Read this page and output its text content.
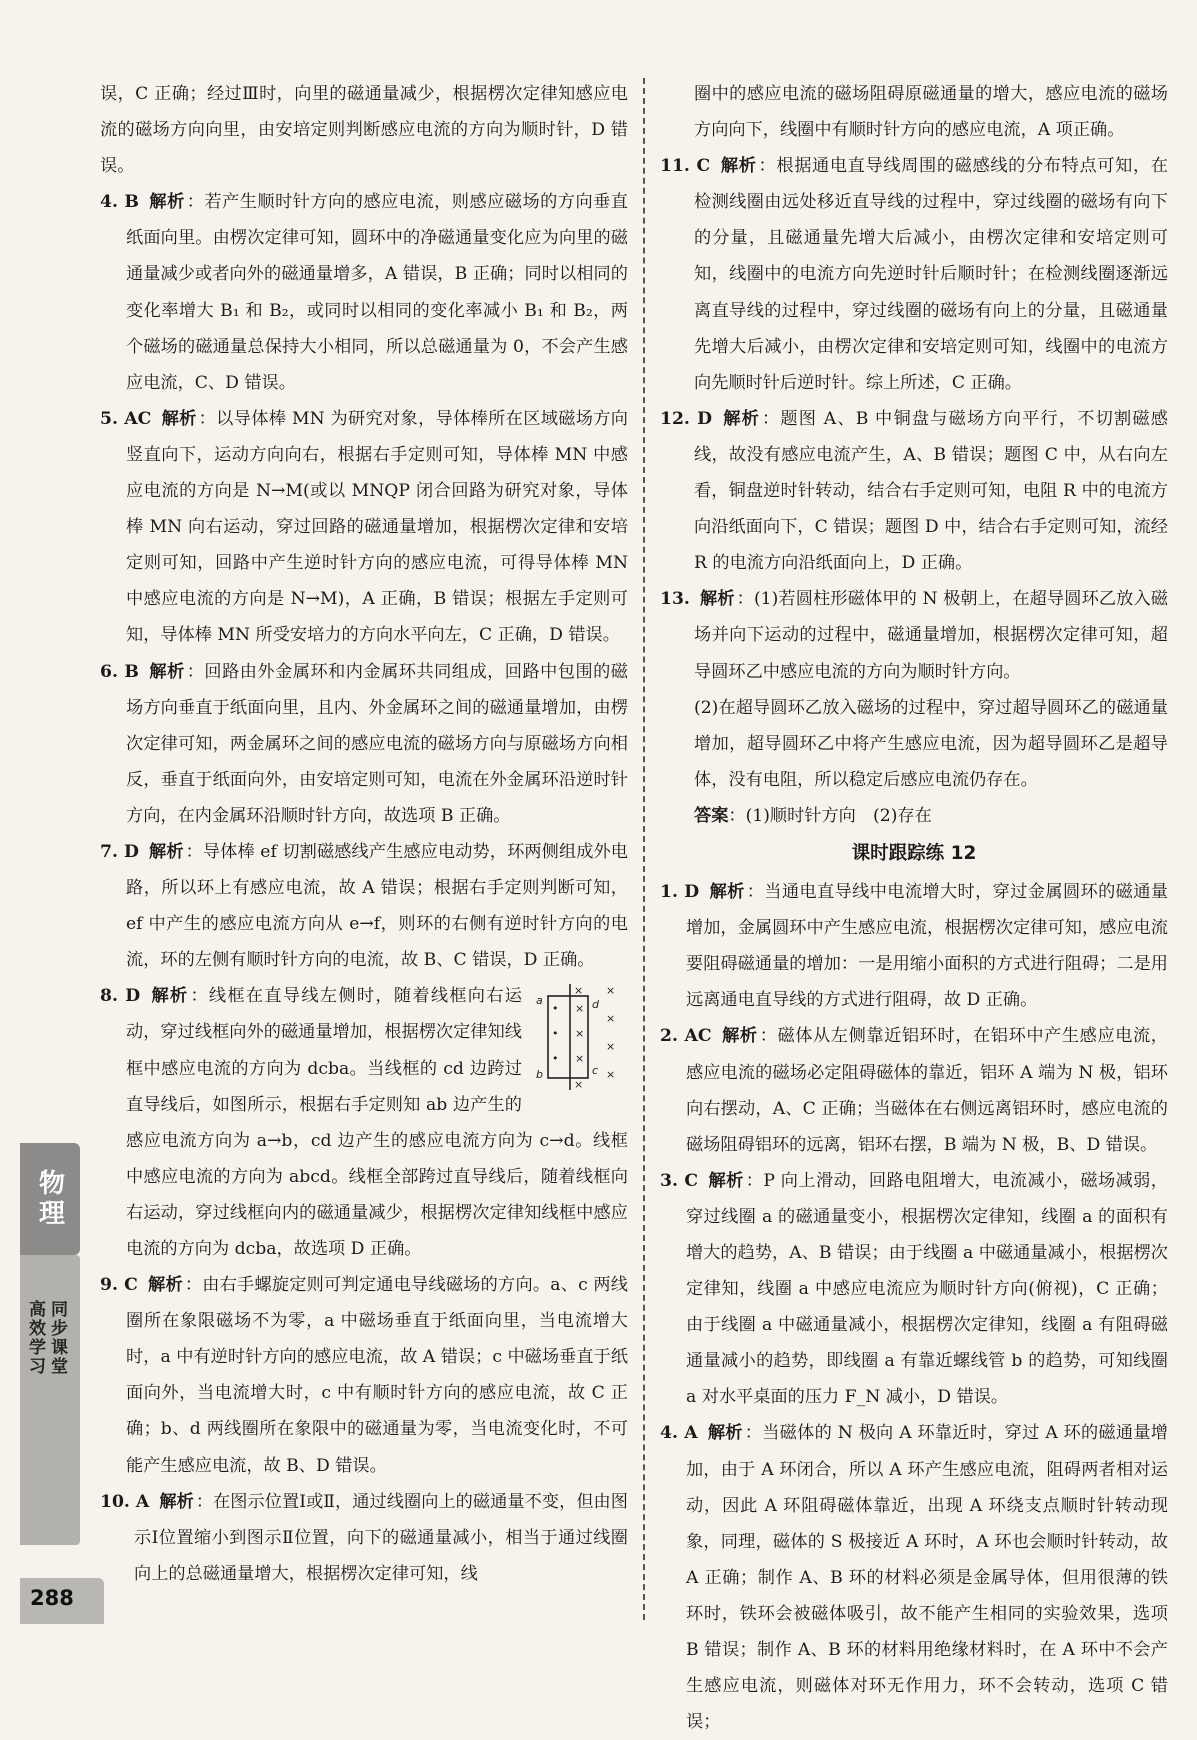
误，C 正确；经过Ⅲ时，向里的磁通量减少，根据楞次定律知感应电流的磁场方向向里，由安培定则判断感应电流的方向为顺时针，D 错误。

4. B 解析 ：若产生顺时针方向的感应电流，则感应磁场的方向垂直纸面向里。由楞次定律可知，圆环中的净磁通量变化应为向里的磁通量减少或者向外的磁通量增多，A 错误，B 正确；同时以相同的变化率增大 B₁ 和 B₂，或同时以相同的变化率减小 B₁ 和 B₂，两个磁场的磁通量总保持大小相同，所以总磁通量为 0，不会产生感应电流，C、D 错误。

5. AC 解析 ：以导体棒 MN 为研究对象，导体棒所在区域磁场方向竖直向下，运动方向向右，根据右手定则可知，导体棒 MN 中感应电流的方向是 N→M(或以 MNQP 闭合回路为研究对象，导体棒 MN 向右运动，穿过回路的磁通量增加，根据楞次定律和安培定则可知，回路中产生逆时针方向的感应电流，可得导体棒 MN 中感应电流的方向是 N→M)，A 正确，B 错误；根据左手定则可知，导体棒 MN 所受安培力的方向水平向左，C 正确，D 错误。

6. B 解析 ：回路由外金属环和内金属环共同组成，回路中包围的磁场方向垂直于纸面向里，且内、外金属环之间的磁通量增加，由楞次定律可知，两金属环之间的感应电流的磁场方向与原磁场方向相反，垂直于纸面向外，由安培定则可知，电流在外金属环沿逆时针方向，在内金属环沿顺时针方向，故选项 B 正确。

7. D 解析 ：导体棒 ef 切割磁感线产生感应电动势，环两侧组成外电路，所以环上有感应电流，故 A 错误；根据右手定则判断可知，ef 中产生的感应电流方向从 e→f，则环的右侧有逆时针方向的电流，环的左侧有顺时针方向的电流，故 B、C 错误，D 正确。

a
b	c
d
•
•
•
×
×
×
×
×
×
×
×
×
8. D 解析 ：线框在直导线左侧时，随着线框向右运动，穿过线框向外的磁通量增加，根据楞次定律知线框中感应电流的方向为 dcba。当线框的 cd 边跨过直导线后，如图所示，根据右手定则知 ab 边产生的感应电流方向为 a→b，cd 边产生的感应电流方向为 c→d。线框中感应电流的方向为 abcd。线框全部跨过直导线后，随着线框向右运动，穿过线框向内的磁通量减少，根据楞次定律知线框中感应电流的方向为 dcba，故选项 D 正确。

9. C 解析 ：由右手螺旋定则可判定通电导线磁场的方向。a、c 两线圈所在象限磁场不为零，a 中磁场垂直于纸面向里，当电流增大时，a 中有逆时针方向的感应电流，故 A 错误；c 中磁场垂直于纸面向外，当电流增大时，c 中有顺时针方向的感应电流，故 C 正确；b、d 两线圈所在象限中的磁通量为零，当电流变化时，不可能产生感应电流，故 B、D 错误。

10. A 解析 ：在图示位置Ⅰ或Ⅱ，通过线圈向上的磁通量不变，但由图示Ⅰ位置缩小到图示Ⅱ位置，向下的磁通量减小，相当于通过线圈向上的总磁通量增大，根据楞次定律可知，线

圈中的感应电流的磁场阻碍原磁通量的增大，感应电流的磁场方向向下，线圈中有顺时针方向的感应电流，A 项正确。

11. C 解析 ：根据通电直导线周围的磁感线的分布特点可知，在检测线圈由远处移近直导线的过程中，穿过线圈的磁场有向下的分量，且磁通量先增大后减小，由楞次定律和安培定则可知，线圈中的电流方向先逆时针后顺时针；在检测线圈逐渐远离直导线的过程中，穿过线圈的磁场有向上的分量，且磁通量先增大后减小，由楞次定律和安培定则可知，线圈中的电流方向先顺时针后逆时针。综上所述，C 正确。

12. D 解析 ：题图 A、B 中铜盘与磁场方向平行，不切割磁感线，故没有感应电流产生，A、B 错误；题图 C 中，从右向左看，铜盘逆时针转动，结合右手定则可知，电阻 R 中的电流方向沿纸面向下，C 错误；题图 D 中，结合右手定则可知，流经 R 的电流方向沿纸面向上，D 正确。

13. 解析 ：(1)若圆柱形磁体甲的 N 极朝上，在超导圆环乙放入磁场并向下运动的过程中，磁通量增加，根据楞次定律可知，超导圆环乙中感应电流的方向为顺时针方向。

(2)在超导圆环乙放入磁场的过程中，穿过超导圆环乙的磁通量增加，超导圆环乙中将产生感应电流，因为超导圆环乙是超导体，没有电阻，所以稳定后感应电流仍存在。

答案：(1)顺时针方向　(2)存在

课时跟踪练 12

1. D 解析 ：当通电直导线中电流增大时，穿过金属圆环的磁通量增加，金属圆环中产生感应电流，根据楞次定律可知，感应电流要阻碍磁通量的增加：一是用缩小面积的方式进行阻碍；二是用远离通电直导线的方式进行阻碍，故 D 正确。

2. AC 解析 ：磁体从左侧靠近铝环时，在铝环中产生感应电流，感应电流的磁场必定阻碍磁体的靠近，铝环 A 端为 N 极，铝环向右摆动，A、C 正确；当磁体在右侧远离铝环时，感应电流的磁场阻碍铝环的远离，铝环右摆，B 端为 N 极，B、D 错误。

3. C 解析 ：P 向上滑动，回路电阻增大，电流减小，磁场减弱，穿过线圈 a 的磁通量变小，根据楞次定律知，线圈 a 的面积有增大的趋势，A、B 错误；由于线圈 a 中磁通量减小，根据楞次定律知，线圈 a 中感应电流应为顺时针方向(俯视)，C 正确；由于线圈 a 中磁通量减小，根据楞次定律知，线圈 a 有阻碍磁通量减小的趋势，即线圈 a 有靠近螺线管 b 的趋势，可知线圈 a 对水平桌面的压力 F_N 减小，D 错误。

4. A 解析 ：当磁体的 N 极向 A 环靠近时，穿过 A 环的磁通量增加，由于 A 环闭合，所以 A 环产生感应电流，阻碍两者相对运动，因此 A 环阻碍磁体靠近，出现 A 环绕支点顺时针转动现象，同理，磁体的 S 极接近 A 环时，A 环也会顺时针转动，故 A 正确；制作 A、B 环的材料必须是金属导体，但用很薄的铁环时，铁环会被磁体吸引，故不能产生相同的实验效果，选项 B 错误；制作 A、B 环的材料用绝缘材料时，在 A 环中不会产生感应电流，则磁体对环无作用力，环不会转动，选项 C 错误；

物理
同步课堂
高效学习
288
